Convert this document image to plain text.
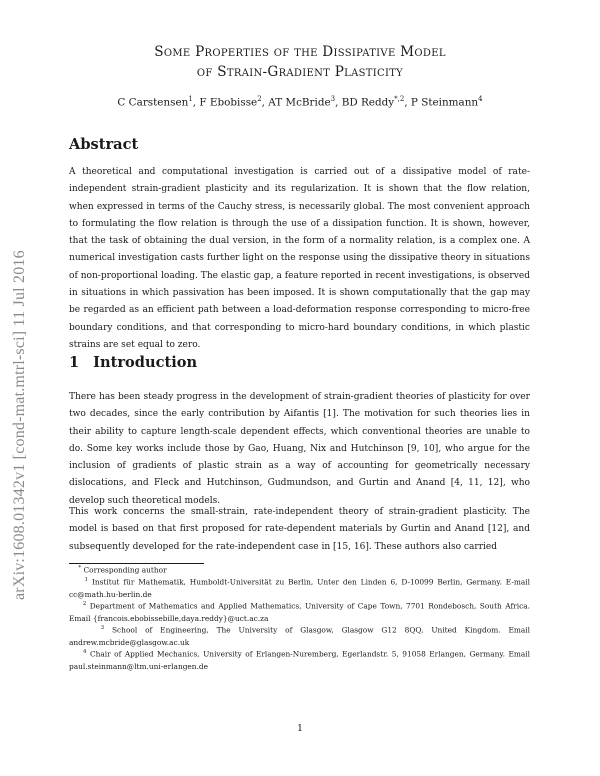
arXiv:1608.01342v1 [cond-mat.mtrl-sci] 11 Jul 2016
Some Properties of the Dissipative Model
of Strain-Gradient Plasticity
C Carstensen$^1$, F Ebobisse$^2$, AT McBride$^3$, BD Reddy$^{*,2}$, P Steinmann$^4$
Abstract
A theoretical and computational investigation is carried out of a dissipative model of rate-independent strain-gradient plasticity and its regularization. It is shown that the flow relation, when expressed in terms of the Cauchy stress, is necessarily global. The most convenient approach to formulating the flow relation is through the use of a dissipation function. It is shown, however, that the task of obtaining the dual version, in the form of a normality relation, is a complex one. A numerical investigation casts further light on the response using the dissipative theory in situations of non-proportional loading. The elastic gap, a feature reported in recent investigations, is observed in situations in which passivation has been imposed. It is shown computationally that the gap may be regarded as an efficient path between a load-deformation response corresponding to micro-free boundary conditions, and that corresponding to micro-hard boundary conditions, in which plastic strains are set equal to zero.
1 Introduction
There has been steady progress in the development of strain-gradient theories of plasticity for over two decades, since the early contribution by Aifantis [1]. The motivation for such theories lies in their ability to capture length-scale dependent effects, which conventional theories are unable to do. Some key works include those by Gao, Huang, Nix and Hutchinson [9, 10], who argue for the inclusion of gradients of plastic strain as a way of accounting for geometrically necessary dislocations, and Fleck and Hutchinson, Gudmundson, and Gurtin and Anand [4, 11, 12], who develop such theoretical models.
This work concerns the small-strain, rate-independent theory of strain-gradient plasticity. The model is based on that first proposed for rate-dependent materials by Gurtin and Anand [12], and subsequently developed for the rate-independent case in [15, 16]. These authors also carried
* Corresponding author
$^1$ Institut für Mathematik, Humboldt-Universität zu Berlin, Unter den Linden 6, D-10099 Berlin, Germany. E-mail cc@math.hu-berlin.de
$^2$ Department of Mathematics and Applied Mathematics, University of Cape Town, 7701 Rondebosch, South Africa. Email {francois.ebobissebille,daya.reddy}@uct.ac.za
$^3$ School of Engineering, The University of Glasgow, Glasgow G12 8QQ, United Kingdom. Email andrew.mcbride@glasgow.ac.uk
$^4$ Chair of Applied Mechanics, University of Erlangen-Nuremberg, Egerlandstr. 5, 91058 Erlangen, Germany. Email paul.steinmann@ltm.uni-erlangen.de
1
